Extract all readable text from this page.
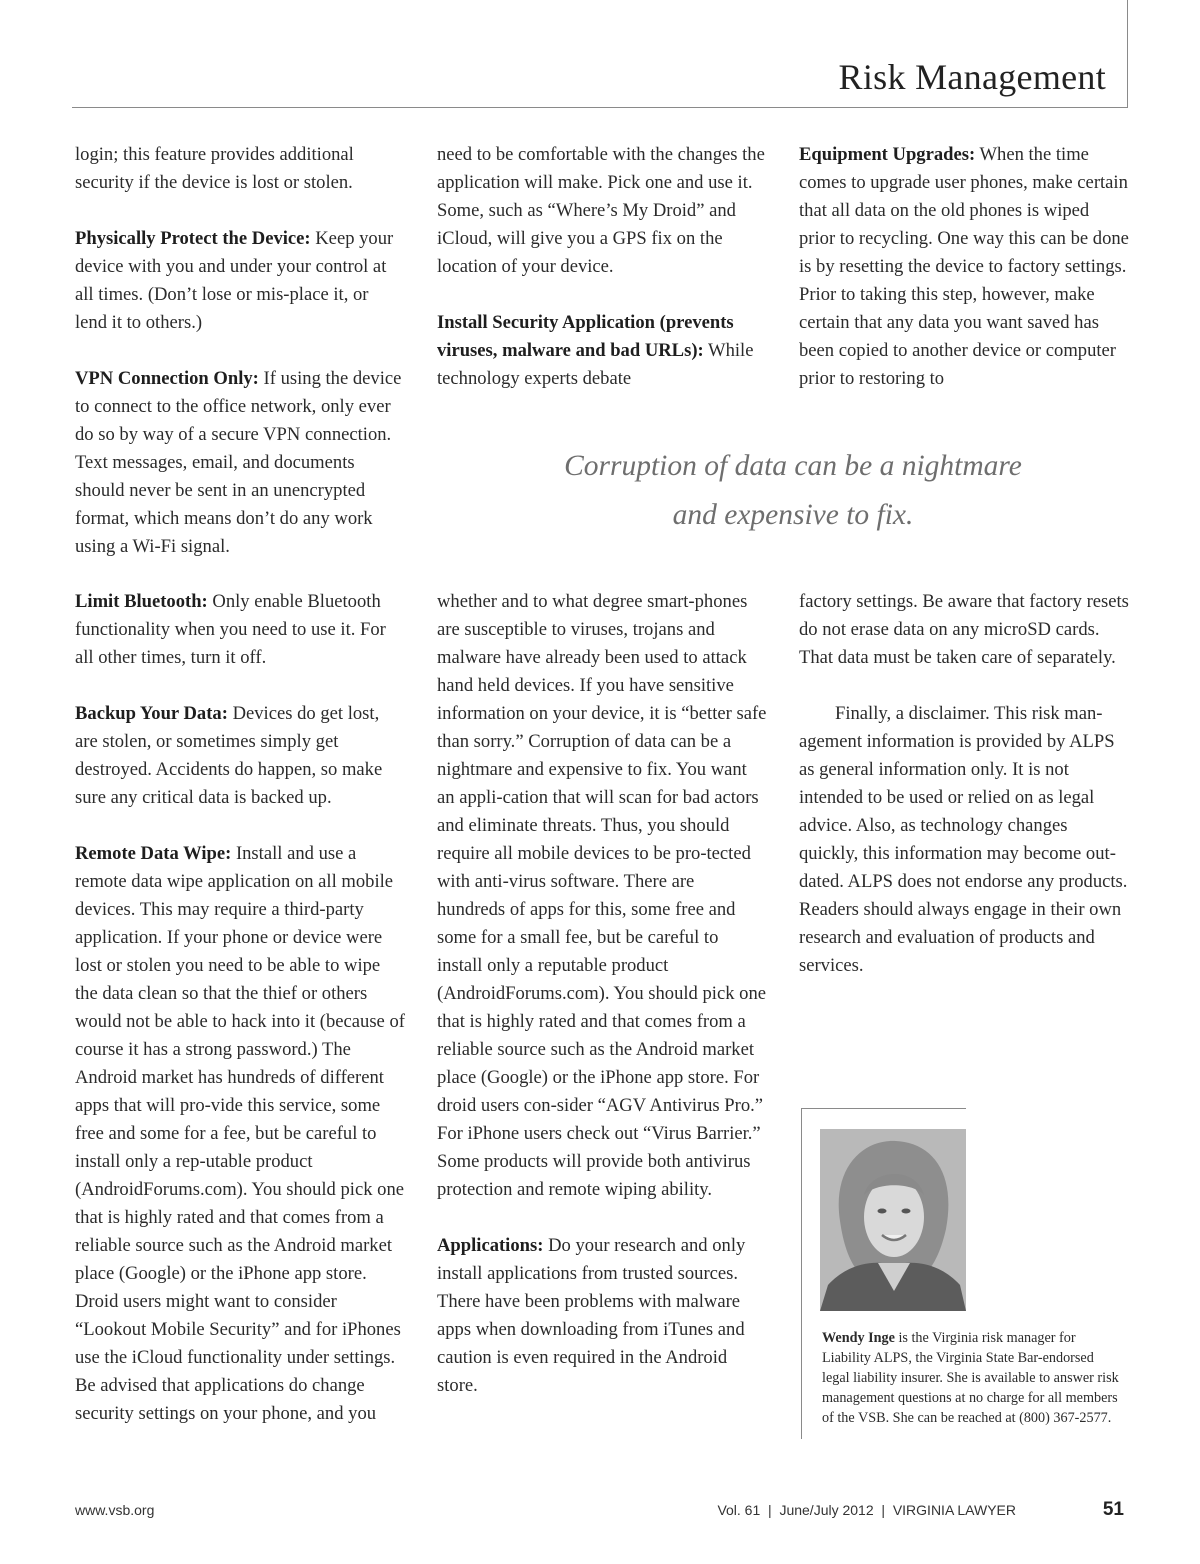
Risk Management

login; this feature provides additional security if the device is lost or stolen.

Physically Protect the Device: Keep your device with you and under your control at all times. (Don’t lose or mis-place it, or lend it to others.)

VPN Connection Only: If using the device to connect to the office network, only ever do so by way of a secure VPN connection. Text messages, email, and documents should never be sent in an unencrypted format, which means don’t do any work using a Wi-Fi signal.

need to be comfortable with the changes the application will make. Pick one and use it. Some, such as “Where’s My Droid” and iCloud, will give you a GPS fix on the location of your device.

Install Security Application (prevents viruses, malware and bad URLs): While technology experts debate

Equipment Upgrades: When the time comes to upgrade user phones, make certain that all data on the old phones is wiped prior to recycling. One way this can be done is by resetting the device to factory settings. Prior to taking this step, however, make certain that any data you want saved has been copied to another device or computer prior to restoring to

Corruption of data can be a nightmare
and expensive to fix.

Limit Bluetooth: Only enable Bluetooth functionality when you need to use it. For all other times, turn it off.

Backup Your Data: Devices do get lost, are stolen, or sometimes simply get destroyed. Accidents do happen, so make sure any critical data is backed up.

Remote Data Wipe: Install and use a remote data wipe application on all mobile devices. This may require a third-party application. If your phone or device were lost or stolen you need to be able to wipe the data clean so that the thief or others would not be able to hack into it (because of course it has a strong password.) The Android market has hundreds of different apps that will pro-vide this service, some free and some for a fee, but be careful to install only a rep-utable product (AndroidForums.com). You should pick one that is highly rated and that comes from a reliable source such as the Android market place (Google) or the iPhone app store. Droid users might want to consider “Lookout Mobile Security” and for iPhones use the iCloud functionality under settings. Be advised that applications do change security settings on your phone, and you

whether and to what degree smart-phones are susceptible to viruses, trojans and malware have already been used to attack hand held devices. If you have sensitive information on your device, it is “better safe than sorry.” Corruption of data can be a nightmare and expensive to fix. You want an appli-cation that will scan for bad actors and eliminate threats. Thus, you should require all mobile devices to be pro-tected with anti-virus software. There are hundreds of apps for this, some free and some for a small fee, but be careful to install only a reputable product (AndroidForums.com). You should pick one that is highly rated and that comes from a reliable source such as the Android market place (Google) or the iPhone app store. For droid users con-sider “AGV Antivirus Pro.” For iPhone users check out “Virus Barrier.” Some products will provide both antivirus protection and remote wiping ability.

Applications: Do your research and only install applications from trusted sources. There have been problems with malware apps when downloading from iTunes and caution is even required in the Android store.

factory settings. Be aware that factory resets do not erase data on any microSD cards. That data must be taken care of separately.

Finally, a disclaimer. This risk man-agement information is provided by ALPS as general information only. It is not intended to be used or relied on as legal advice. Also, as technology changes quickly, this information may become out-dated. ALPS does not endorse any products. Readers should always engage in their own research and evaluation of products and services.

Wendy Inge is the Virginia risk manager for Liability ALPS, the Virginia State Bar-endorsed legal liability insurer. She is available to answer risk management questions at no charge for all members of the VSB. She can be reached at (800) 367-2577.

www.vsb.org	Vol. 61  |  June/July 2012  |  VIRGINIA LAWYER	51
